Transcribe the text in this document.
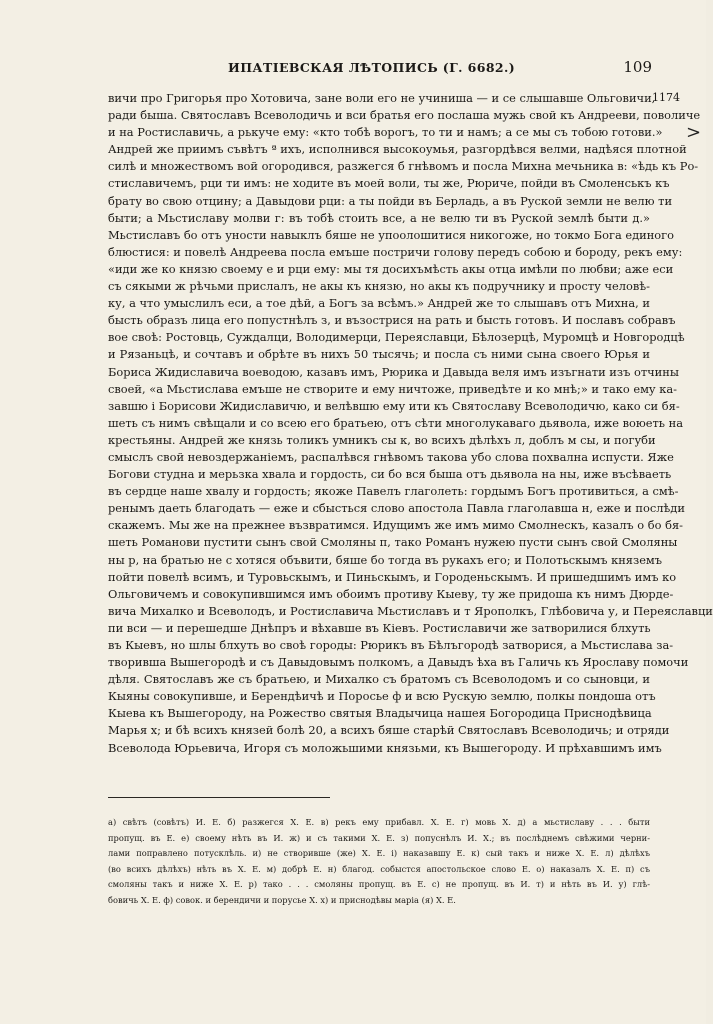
ИПАТІЕВСКАЯ ЛѢТОПИСЬ (Г. 6682.)	109
1174
>
вичи про Григорья про Хотовича, зане воли его не учиниша — и се слышавше Ольговичи,
ради быша. Святославъ Всеволодичь и вси братья его послаша мужь свой къ Андрееви, поволиче
и на Ростиславичь, а рькуче ему: «кто тобѣ ворогъ, то ти и намъ; а се мы съ тобою готови.»
Андрей же приимъ съвѣтъ ª ихъ, исполнився высокоумья, разгордѣвся велми, надѣяся плотной
силѣ и множествомъ вой огородився, разжегся б гнѣвомъ и посла Михна мечьника в: «ѣдь къ Ро-
стиславичемъ, рци ти имъ: не ходите въ моей воли, ты же, Рюриче, пойди въ Смоленськъ къ
брату во свою отцину; а Давыдови рци: а ты пойди въ Берладь, а въ Руской земли не велю ти
быти; а Мьстиславу молви г: въ тобѣ стоить все, а не велю ти въ Руской землѣ быти д.»
Мьстиславъ бо отъ уности навыклъ бяше не упоолошитися никогоже, но токмо Бога единого
блюстися: и повелѣ Андреева посла емъше постричи голову передъ собою и бороду, рекъ ему:
«иди же ко князю своему е и рци ему: мы тя досихъмѣсть акы отца имѣли по любви; аже еси
съ сякыми ж рѣчьми прислалъ, не акы къ князю, но акы къ подручнику и просту человѣ-
ку, а что умыслилъ еси, а тое дѣй, а Богъ за всѣмъ.» Андрей же то слышавъ отъ Михна, и
бысть образъ лица его попустнѣлъ з, и възострися на рать и бысть готовъ. И пославъ собравъ
вое своѣ: Ростовць, Суждалци, Володимерци, Переяславци, Бѣлозерцѣ, Муромцѣ и Новгородцѣ
и Рязаньцѣ, и сочтавъ и обрѣте въ нихъ 50 тысячь; и посла съ ними сына своего Юрья и
Бориса Жидиславича воеводою, казавъ имъ, Рюрика и Давыда веля имъ изъгнати изъ отчины
своей, «а Мьстислава емъше не створите и ему ничтоже, приведѣте и ко мнѣ;» и тако ему ка-
завшю і Борисови Жидиславичю, и велѣвшю ему ити къ Святославу Всеволодичю, како си бя-
шеть съ нимъ свѣщали и со всею его братьею, отъ сѣти многолукаваго дьявола, иже воюеть на
крестьяны. Андрей же князь толикъ умникъ сы к, во всихъ дѣлѣхъ л, доблъ м сы, и погуби
смыслъ свой невоздержаніемъ, распалѣвся гнѣвомъ такова убо слова похвална испусти. Яже
Богови студна и мерьзка хвала и гордость, си бо вся быша отъ дьявола на ны, иже въсѣваеть
въ сердце наше хвалу и гордость; якоже Павелъ глаголеть: гордымъ Богъ противиться, а смѣ-
ренымъ даеть благодать — еже и сбысться слово апостола Павла глаголавша н, еже и послѣди
скажемъ. Мы же на прежнее възвратимся. Идущимъ же имъ мимо Смолнескъ, казалъ о бо бя-
шеть Романови пустити сынъ свой Смоляны п, тако Романъ нужею пусти сынъ свой Смоляны
ны р, на братью не с хотяся объвити, бяше бо тогда въ рукахъ его; и Полотьскымъ княземъ
пойти повелѣ всимъ, и Туровьскымъ, и Пиньскымъ, и Городеньскымъ. И пришедшимъ имъ ко
Ольговичемъ и совокупившимся имъ обоимъ противу Кыеву, ту же придоша къ нимъ Дюрде-
вича Михалко и Всеволодъ, и Ростиславича Мьстиславъ и т Ярополкъ, Глѣбовича у, и Переяславци
пи вси — и перешедше Днѣпръ и вѣхавше въ Кіевъ. Ростиславичи же затворилися блхуть
въ Кыевъ, но шлы блхуть во своѣ городы: Рюрикъ въ Бѣлъгородѣ затворися, а Мьстислава за-
творившa Вышегородѣ и съ Давыдовымъ полкомъ, а Давыдъ ѣха въ Галичь къ Ярославу помочи
дѣля. Святославъ же съ братьею, и Михалко съ братомъ съ Всеволодомъ и со сыновци, и
Кыяны совокупивше, и Берендѣичѣ и Поросье ф и всю Рускую землю, полкы пондоша отъ
Кыева къ Вышегороду, на Рожество святыя Владычица нашея Богородица Приснодѣвица
Марья х; и бѣ всихъ князей болѣ 20, а всихъ бяше старѣй Святославъ Всеволодичь; и отряди
Всеволода Юрьевича, Игоря съ моложьшими князьми, къ Вышегороду. И прѣхавшимъ имъ
а) свѣтъ (совѣтъ) И. Е. б) разжегся Х. Е. в) рекъ ему прибавл. Х. Е. г) мовь Х. д) а мьстиславу . . . быти
пропущ. въ Е. е) своему нѣть въ И. ж) и съ такими Х. Е. з) попуснѣлъ И. Х.; въ послѣднемъ свѣжими черни-
лами поправлено потусклѣль. и) не створивше (же) Х. Е. і) наказавшу Е. к) сый такъ и ниже Х. Е. л) дѣлѣхъ
(во всихъ дѣлѣхъ) нѣть въ Х. Е. м) добрѣ Е. н) благод. собыстся апостольское слово Е. о) наказалъ Х. Е. п) съ
смоляны такъ и ниже Х. Е. р) тако . . . смоляны пропущ. въ Е. с) не пропущ. въ И. т) и нѣть въ И. у) глѣ-
бовичь Х. Е. ф) совок. и берендичи и порусье Х. х) и приснодѣвы маріа (я) Х. Е.
